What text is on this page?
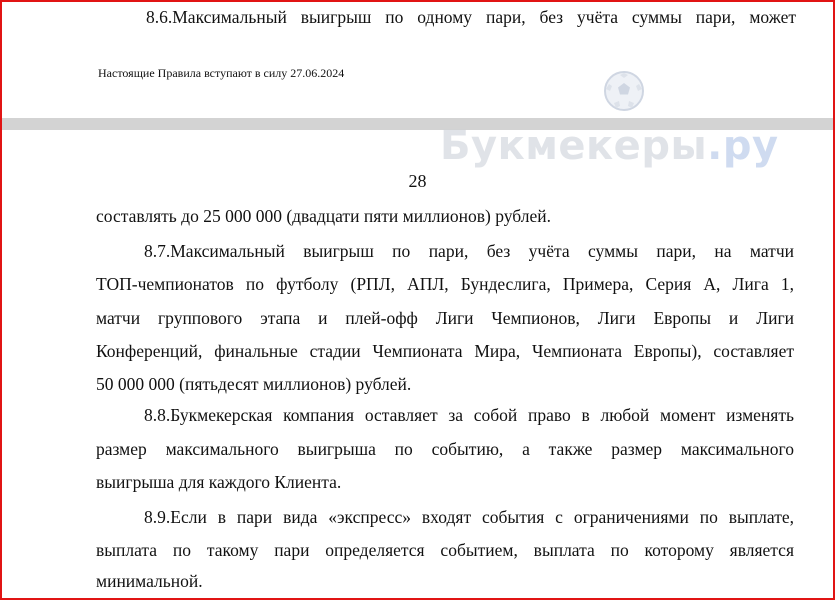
8.6.Максимальный выигрыш по одному пари, без учёта суммы пари, может

Настоящие Правила вступают в силу 27.06.2024
28

составлять до 25 000 000 (двадцати пяти миллионов) рублей.

8.7.Максимальный выигрыш по пари, без учёта суммы пари, на матчи

ТОП-чемпионатов по футболу (РПЛ, АПЛ, Бундеслига, Примера, Серия А, Лига 1,

матчи группового этапа и плей-офф Лиги Чемпионов, Лиги Европы и Лиги

Конференций, финальные стадии Чемпионата Мира, Чемпионата Европы), составляет

50 000 000 (пятьдесят миллионов) рублей.

8.8.Букмекерская компания оставляет за собой право в любой момент изменять

размер максимального выигрыша по событию, а также размер максимального

выигрыша для каждого Клиента.

8.9.Если в пари вида «экспресс» входят события с ограничениями по выплате,

выплата по такому пари определяется событием, выплата по которому является

минимальной.

Букмекеры.ру
